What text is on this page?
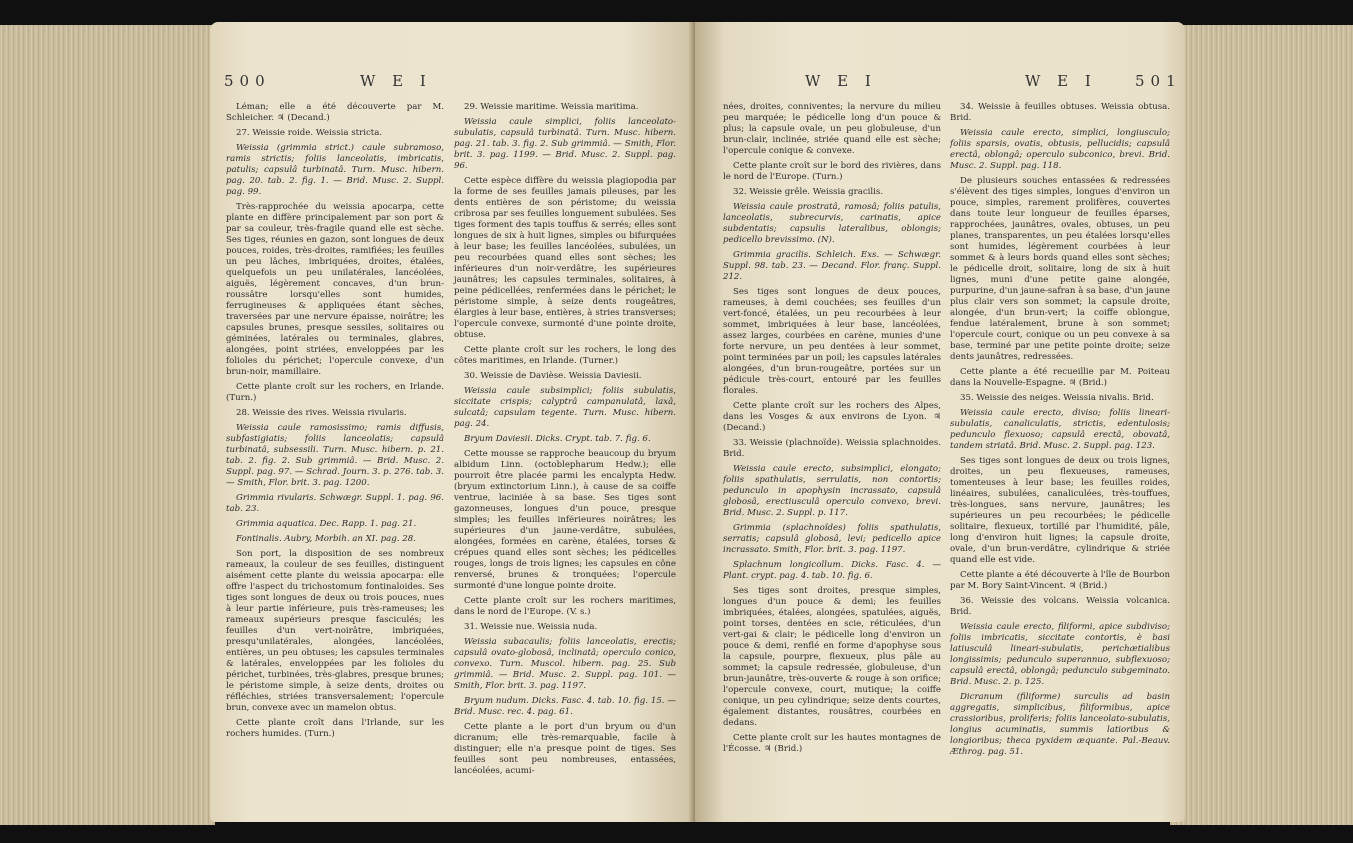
500	W E I

Léman; elle a été découverte par M. Schleicher. ♃ (Decand.)

27. Weissie roide. Weissia stricta.

Weissia (grimmia strict.) caule subramoso, ramis strictis; foliis lanceolatis, imbricatis, patulis; capsulâ turbinatâ. Turn. Musc. hibern. pag. 20. tab. 2. fig. 1. — Brid. Musc. 2. Suppl. pag. 99.

Très-rapprochée du weissia apocarpa, cette plante en diffère principalement par son port & par sa couleur, très-fragile quand elle est sèche. Ses tiges, réunies en gazon, sont longues de deux pouces, roides, très-droites, ramifiées; les feuilles un peu lâches, imbriquées, droites, étalées, quelquefois un peu unilatérales, lancéolées, aiguës, légèrement concaves, d'un brun-roussâtre lorsqu'elles sont humides, ferrugineuses & appliquées étant sèches, traversées par une nervure épaisse, noirâtre; les capsules brunes, presque sessiles, solitaires ou géminées, latérales ou terminales, glabres, alongées, point striées, enveloppées par les folioles du périchet; l'opercule convexe, d'un brun-noir, mamillaire.

Cette plante croît sur les rochers, en Irlande. (Turn.)

28. Weissie des rives. Weissia rivularis.

Weissia caule ramosissimo; ramis diffusis, subfastigiatis; foliis lanceolatis; capsulâ turbinatâ, subsessili. Turn. Musc. hibern. p. 21. tab. 2. fig. 2. Sub grimmiâ. — Brid. Musc. 2. Suppl. pag. 97. — Schrad. Journ. 3. p. 276. tab. 3. — Smith, Flor. brit. 3. pag. 1200.

Grimmia rivularis. Schwægr. Suppl. 1. pag. 96. tab. 23.

Grimmia aquatica. Dec. Rapp. 1. pag. 21.

Fontinalis. Aubry, Morbih. an XI. pag. 28.

Son port, la disposition de ses nombreux rameaux, la couleur de ses feuilles, distinguent aisément cette plante du weissia apocarpa: elle offre l'aspect du trichostomum fontinaloides. Ses tiges sont longues de deux ou trois pouces, nues à leur partie inférieure, puis très-rameuses; les rameaux supérieurs presque fasciculés; les feuilles d'un vert-noirâtre, imbriquées, presqu'unilatérales, alongées, lancéolées, entières, un peu obtuses; les capsules terminales & latérales, enveloppées par les folioles du périchet, turbinées, très-glabres, presque brunes; le péristome simple, à seize dents, droites ou réfléchies, striées transversalement; l'opercule brun, convexe avec un mamelon obtus.

Cette plante croît dans l'Irlande, sur les rochers humides. (Turn.)

29. Weissie maritime. Weissia maritima.

Weissia caule simplici, foliis lanceolato-subulatis, capsulâ turbinatâ. Turn. Musc. hibern. pag. 21. tab. 3. fig. 2. Sub grimmiâ. — Smith, Flor. brit. 3. pag. 1199. — Brid. Musc. 2. Suppl. pag. 96.

Cette espèce diffère du weissia plagiopodia par la forme de ses feuilles jamais pileuses, par les dents entières de son péristome; du weissia cribrosa par ses feuilles longuement subulées. Ses tiges forment des tapis touffus & serrés; elles sont longues de six à huit lignes, simples ou bifurquées à leur base; les feuilles lancéolées, subulées, un peu recourbées quand elles sont sèches; les inférieures d'un noir-verdâtre, les supérieures jaunâtres; les capsules terminales, solitaires, à peine pédicellées, renfermées dans le périchet; le péristome simple, à seize dents rougeâtres, élargies à leur base, entières, à stries transverses; l'opercule convexe, surmonté d'une pointe droite, obtuse.

Cette plante croît sur les rochers, le long des côtes maritimes, en Irlande. (Turner.)

30. Weissie de Davièse. Weissia Daviesii.

Weissia caule subsimplici; foliis subulatis, siccitate crispis; calyptrâ campanulatâ, laxâ, sulcatâ; capsulam tegente. Turn. Musc. hibern. pag. 24.

Bryum Daviesii. Dicks. Crypt. tab. 7. fig. 6.

Cette mousse se rapproche beaucoup du bryum albidum Linn. (octoblepharum Hedw.); elle pourroit être placée parmi les encalypta Hedw. (bryum extinctorium Linn.), à cause de sa coiffe ventrue, laciniée à sa base. Ses tiges sont gazonneuses, longues d'un pouce, presque simples; les feuilles inférieures noirâtres; les supérieures d'un jaune-verdâtre, subulées, alongées, formées en carène, étalées, torses & crépues quand elles sont sèches; les pédicelles rouges, longs de trois lignes; les capsules en cône renversé, brunes & tronquées; l'opercule surmonté d'une longue pointe droite.

Cette plante croît sur les rochers maritimes, dans le nord de l'Europe. (V. s.)

31. Weissie nue. Weissia nuda.

Weissia subacaulis; foliis lanceolatis, erectis; capsulâ ovato-globosâ, inclinatâ; operculo conico, convexo. Turn. Muscol. hibern. pag. 25. Sub grimmiâ. — Brid. Musc. 2. Suppl. pag. 101. — Smith, Flor. brit. 3. pag. 1197.

Bryum nudum. Dicks. Fasc. 4. tab. 10. fig. 15. — Brid. Musc. rec. 4. pag. 61.

Cette plante a le port d'un bryum ou d'un dicranum; elle très-remarquable, facile à distinguer; elle n'a presque point de tiges. Ses feuilles sont peu nombreuses, entassées, lancéolées, acumi-

W E I	W E I	501

nées, droites, conniventes; la nervure du milieu peu marquée; le pédicelle long d'un pouce & plus; la capsule ovale, un peu globuleuse, d'un brun-clair, inclinée, striée quand elle est sèche; l'opercule conique & convexe.

Cette plante croît sur le bord des rivières, dans le nord de l'Europe. (Turn.)

32. Weissie grêle. Weissia gracilis.

Weissia caule prostratâ, ramosâ; foliis patulis, lanceolatis, subrecurvis, carinatis, apice subdentatis; capsulis lateralibus, oblongis; pedicello brevissimo. (N).

Grimmia gracilis. Schleich. Exs. — Schwægr. Suppl. 98. tab. 23. — Decand. Flor. franç. Suppl. 212.

Ses tiges sont longues de deux pouces, rameuses, à demi couchées; ses feuilles d'un vert-foncé, étalées, un peu recourbées à leur sommet, imbriquées à leur base, lancéolées, assez larges, courbées en carène, munies d'une forte nervure, un peu dentées à leur sommet, point terminées par un poil; les capsules latérales alongées, d'un brun-rougeâtre, portées sur un pédicule très-court, entouré par les feuilles florales.

Cette plante croît sur les rochers des Alpes, dans les Vosges & aux environs de Lyon. ♃ (Decand.)

33. Weissie (plachnoïde). Weissia splachnoides. Brid.

Weissia caule erecto, subsimplici, elongato; foliis spathulatis, serrulatis, non contortis; pedunculo in apophysin incrassato, capsulâ globosâ, erectiusculâ operculo convexo, brevi. Brid. Musc. 2. Suppl. p. 117.

Grimmia (splachnoïdes) foliis spathulatis, serratis; capsulâ globosâ, levi; pedicello apice incrassato. Smith, Flor. brit. 3. pag. 1197.

Splachnum longicollum. Dicks. Fasc. 4. — Plant. crypt. pag. 4. tab. 10. fig. 6.

Ses tiges sont droites, presque simples, longues d'un pouce & demi; les feuilles imbriquées, étalées, alongées, spatulées, aiguës, point torses, dentées en scie, réticulées, d'un vert-gai & clair; le pédicelle long d'environ un pouce & demi, renflé en forme d'apophyse sous la capsule, pourpre, flexueux, plus pâle au sommet; la capsule redressée, globuleuse, d'un brun-jaunâtre, très-ouverte & rouge à son orifice; l'opercule convexe, court, mutique; la coiffe conique, un peu cylindrique; seize dents courtes, également distantes, rousâtres, courbées en dedans.

Cette plante croît sur les hautes montagnes de l'Écosse. ♃ (Brid.)

34. Weissie à feuilles obtuses. Weissia obtusa. Brid.

Weissia caule erecto, simplici, longiusculo; foliis sparsis, ovatis, obtusis, pellucidis; capsulâ erectâ, oblongâ; operculo subconico, brevi. Brid. Musc. 2. Suppl. pag. 118.

De plusieurs souches entassées & redressées s'élèvent des tiges simples, longues d'environ un pouce, simples, rarement prolifères, couvertes dans toute leur longueur de feuilles éparses, rapprochées, jaunâtres, ovales, obtuses, un peu planes, transparentes, un peu étalées lorsqu'elles sont humides, légèrement courbées à leur sommet & à leurs bords quand elles sont sèches; le pédicelle droit, solitaire, long de six à huit lignes, muni d'une petite gaine alongée, purpurine, d'un jaune-safran à sa base, d'un jaune plus clair vers son sommet; la capsule droite, alongée, d'un brun-vert; la coiffe oblongue, fendue latéralement, brune à son sommet; l'opercule court, conique ou un peu convexe à sa base, terminé par une petite pointe droite; seize dents jaunâtres, redressées.

Cette plante a été recueillie par M. Poiteau dans la Nouvelle-Espagne. ♃ (Brid.)

35. Weissie des neiges. Weissia nivalis. Brid.

Weissia caule erecto, diviso; foliis lineari-subulatis, canaliculatis, strictis, edentulosis; pedunculo flexuoso; capsulâ erectâ, obovatâ, tandem striatâ. Brid. Musc. 2. Suppl. pag. 123.

Ses tiges sont longues de deux ou trois lignes, droites, un peu flexueuses, rameuses, tomenteuses à leur base; les feuilles roides, linéaires, subulées, canaliculées, très-touffues, très-longues, sans nervure, jaunâtres; les supérieures un peu recourbées; le pédicelle solitaire, flexueux, tortillé par l'humidité, pâle, long d'environ huit lignes; la capsule droite, ovale, d'un brun-verdâtre, cylindrique & striée quand elle est vide.

Cette plante a été découverte à l'île de Bourbon par M. Bory Saint-Vincent. ♃ (Brid.)

36. Weissie des volcans. Weissia volcanica. Brid.

Weissia caule erecto, filiformi, apice subdiviso; foliis imbricatis, siccitate contortis, è basi latiusculâ lineari-subulatis, perichætialibus longissimis; pedunculo superannuo, subflexuoso; capsulâ erectâ, oblongâ; pedunculo subgeminato. Brid. Musc. 2. p. 125.

Dicranum (filiforme) surculis ad basin aggregatis, simplicibus, filiformibus, apice crassioribus, proliferis; foliis lanceolato-subulatis, longius acuminatis, summis latioribus & longioribus; theca pyxidem æquante. Pal.-Beauv. Æthrog. pag. 51.
